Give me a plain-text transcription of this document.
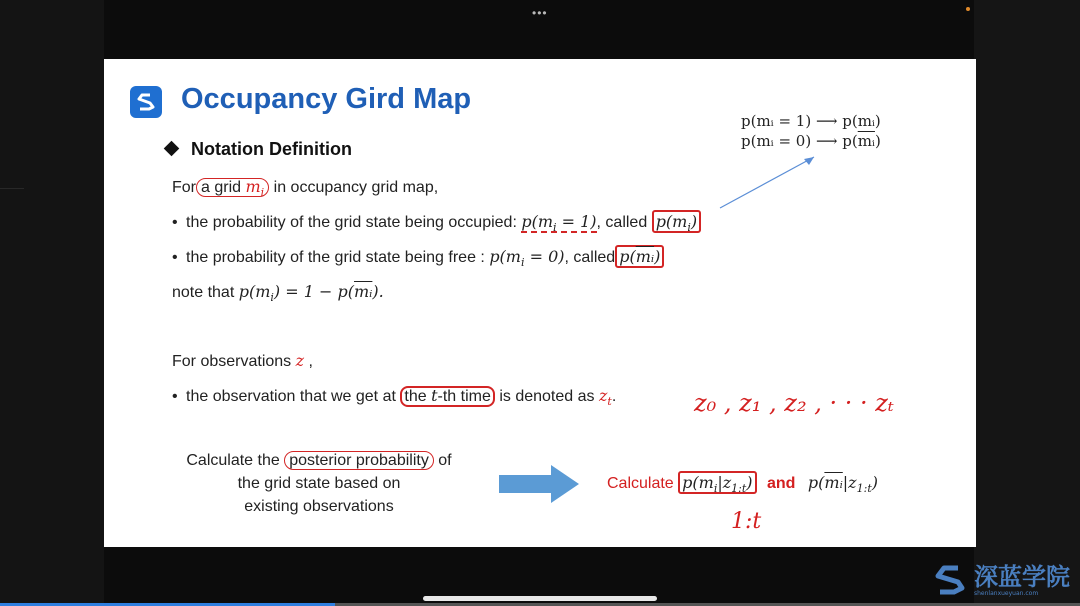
•••
————
Occupancy Gird Map
Notation Definition
p(mᵢ = 1) ⟶ p(mᵢ)
p(mᵢ = 0) ⟶ $p(\overline{mᵢ})$
For a grid $m_i$ in occupancy grid map,
• the probability of the grid state being occupied: $p(m_i = 1)$, called $p(m_i)$
• the probability of the grid state being free : $p(m_i = 0)$, called $p(\overline{mᵢ})$
note that $p(m_i) = 1 - p(\overline{mᵢ})$.
For observations z ,
• the observation that we get at the t-th time is denoted as $z_t$.	z₀ , z₁ , z₂ , · · · zₜ
Calculate the posterior probability of
the grid state based on
existing observations
Calculate $p(m_i|z_{1:t})$ and $p(\overline{mᵢ}|z_{1:t})$
1:t
深蓝学院
shenlanxueyuan.com
